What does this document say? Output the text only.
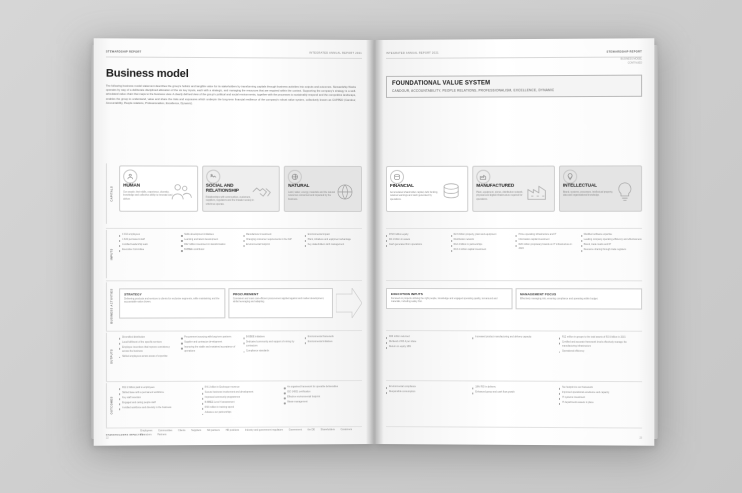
STEWARDSHIP REPORT	INTEGRATED ANNUAL REPORT 2021
Business model
The following business model statement describes the group's holistic and tangible value for its stakeholders by transforming capitals through business activities into outputs and outcomes. Stewardship Works operates by way of a deliberate disciplined allocation of the six key inputs, each with a strategic, and managing the resources that are required within the context. Supporting the company's strategy is a well-articulated value chain that maps to the business view. A clearly defined view of the group's political and social environments, together with the processes to sustainably respond and the competitive landscape, enables the group to understand, value and share the risks and exposures which underpin the long-term financial resilience of the company's robust value system, collectively known as CAPPED (Candour, Accountability, People relations, Professionalism, Excellence, Dynamic).
CAPITALS
HUMAN
Our people, their skills, experience, diversity, knowledge and collective ability to innovate and deliver.
SOCIAL AND RELATIONSHIP
Relationships with communities, customers, suppliers, regulators and the broader society in which we operate.
NATURAL
Land, water, energy, materials and the natural resources consumed and impacted by the business.
INPUTS
4 310 employees
1 624 permanent staff
A skilled leadership team
Executive Committee
Skills development initiatives
Learning and talent development
R42 million investment in transformation
B-BBEE contributor
Manufacturer investment
Changing consumer requirements in the IGP
Environmental footprint
Environmental impact
Plant, initiatives and equipment advantage
Key stakeholders with management
BUSINESS ACTIVITIES	STRATEGY

Delivering products and services to clients for exclusive segments, while maintaining and the accountable value drivers.

PROCUREMENT

Consistent and most cost-efficient procurement applied against and market development, whilst leveraging and adapting.

OUTPUTS
Diversified distribution
Local fulfilment of the specific services
Employee incentives that improve consistency across the business
Skilled employees across areas of expertise
Procurement sourcing with long-term partners
Supplier and contractor development
Improving the stable and sustained acceptance of operations
B-BBEE initiatives
Dedicated community and support of mining by contractors
Compliance standards
Environmental framework
Environmental initiatives
OUTCOMES
R12.2 billion paid to employees
Skilled base with a permanent workforce
Key staff retention
Engaged and caring people staff
A skilled workforce and diversity in the business
R4.1 billion in Exchequer revenue
Secure business involvement and development
Improved community programmes
B-BBEE Level 4 assessment
R53 million in training spend
Advance our partnerships
An organised framework for operable deliverables
ISO 14001 certification
Effective environmental footprint
Waste management
STAKEHOLDERS IMPACTED
Employees Communities Clients Suppliers SD partners HR positions Industry and government regulators Government the DE Shareholders Customers Financiers Partners
22
INTEGRATED ANNUAL REPORT 2021	STEWARDSHIP REPORT
BUSINESS MODEL
CONTINUED
FOUNDATIONAL VALUE SYSTEM
CANDOUR, ACCOUNTABILITY, PEOPLE RELATIONS, PROFESSIONALISM, EXCELLENCE, DYNAMIC
FINANCIAL
Accumulated shareholder capital, debt funding, retained earnings and cash generated by operations.
MANUFACTURED
Plant, equipment, stores, distribution network, physical and digital infrastructure required for operations.
INTELLECTUAL
Brand, systems, processes, intellectual property, data and organisational knowledge.
R718 million equity
R4.1 billion in assets
Cash generated from operations
R2.6 billion property, plant and equipment
Distribution network
R12.4 billion in partnerships
R13.4 million capital investment
Prime operating infrastructure and IT
Information capital investment
R20 million proprietary brands on IT infrastructure in 2020
Modified software expertise
Leading company operating efficiency and effectiveness
Brand, trade marks and IP
Resource sharing through trade registers
EXECUTION INPUTS

Focused on projects utilising the right people, knowledge and engaged operating quality, turnaround and materials, including safety first.

MANAGEMENT FOCUS

Effectively managing risk, ensuring compliance and operating within budget.

R20 million returned
Dividend of R3.4 per share
Return on equity 18%
Increased product manufacturing and delivery capacity	R12 million in groups to the total assets of R2.6 billion in 2021
Certified and accurate framework levels effectively manage the manufacturing infrastructure
Operational efficiency
Environmental compliance
Responsible consumption
18% ROI in delivery
Enhanced group and cash flow growth
Tax footprint to our framework
Improved operational excellence and capacity
IT systems investment
IT departments assets in place
23
